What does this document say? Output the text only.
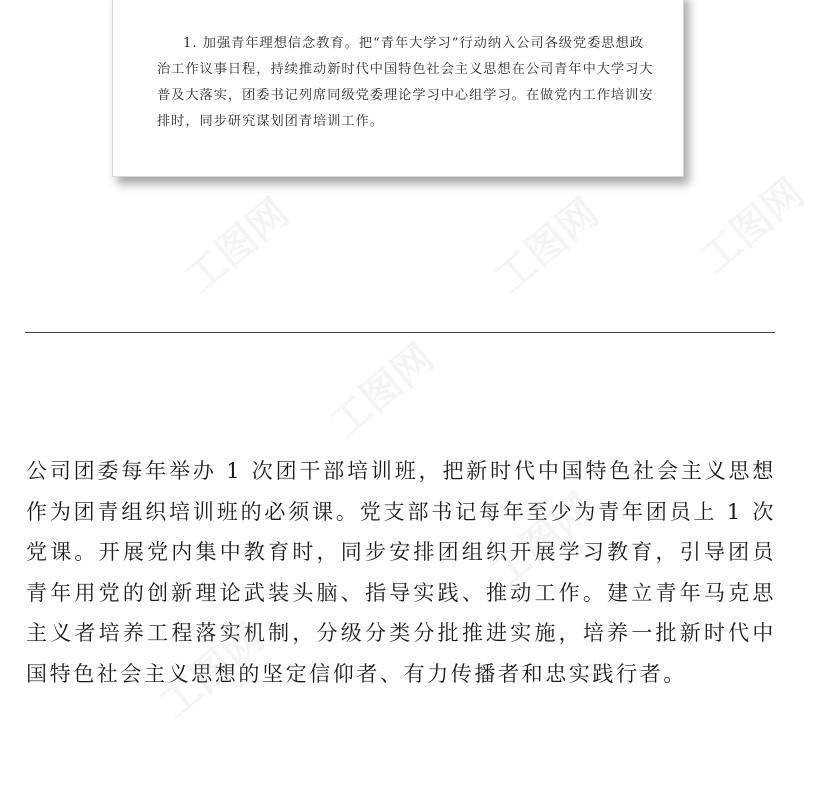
1. 加强青年理想信念教育。把“青年大学习”行动纳入公司各级党委思想政治工作议事日程，持续推动新时代中国特色社会主义思想在公司青年中大学习大普及大落实，团委书记列席同级党委理论学习中心组学习。在做党内工作培训安排时，同步研究谋划团青培训工作。

公司团委每年举办 1 次团干部培训班，把新时代中国特色社会主义思想作为团青组织培训班的必须课。党支部书记每年至少为青年团员上 1 次党课。开展党内集中教育时，同步安排团组织开展学习教育，引导团员青年用党的创新理论武装头脑、指导实践、推动工作。建立青年马克思主义者培养工程落实机制，分级分类分批推进实施，培养一批新时代中国特色社会主义思想的坚定信仰者、有力传播者和忠实践行者。

工图网	工图网 工图网
工图网
工图网
工图网
